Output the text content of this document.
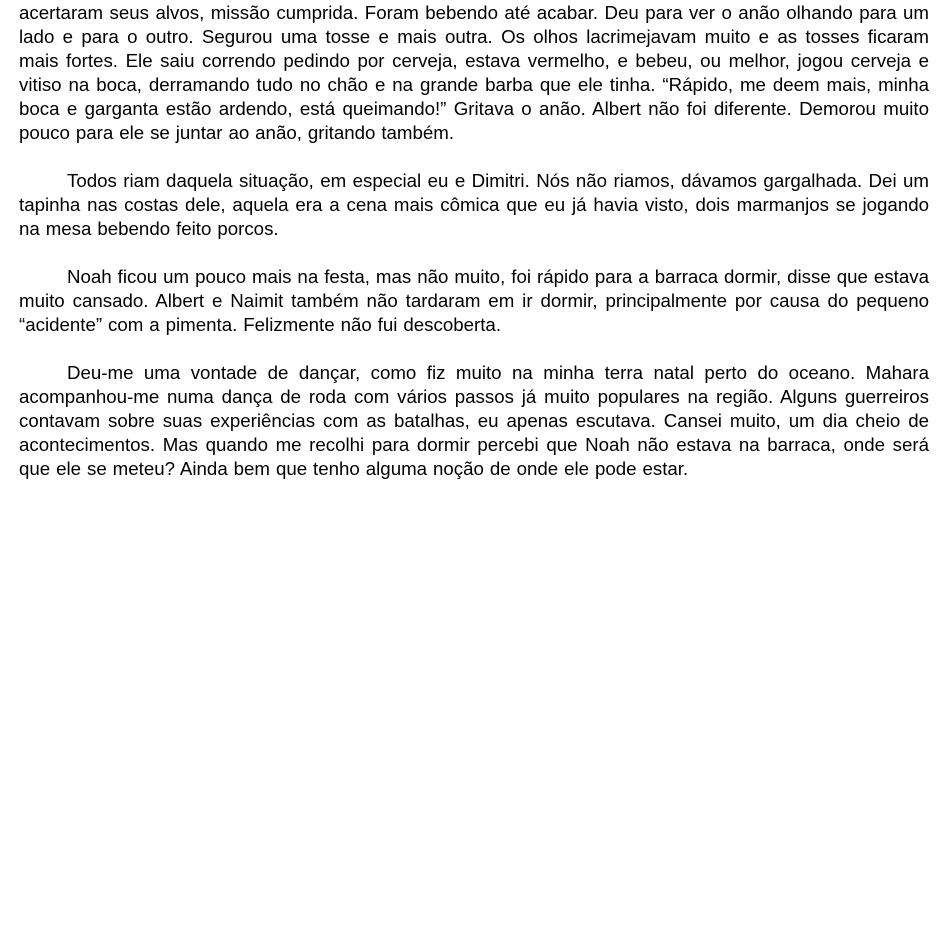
acertaram seus alvos, missão cumprida. Foram bebendo até acabar. Deu para ver o anão olhando para um lado e para o outro. Segurou uma tosse e mais outra. Os olhos lacrimejavam muito e as tosses ficaram mais fortes. Ele saiu correndo pedindo por cerveja, estava vermelho, e bebeu, ou melhor, jogou cerveja e vitiso na boca, derramando tudo no chão e na grande barba que ele tinha. “Rápido, me deem mais, minha boca e garganta estão ardendo, está queimando!” Gritava o anão. Albert não foi diferente. Demorou muito pouco para ele se juntar ao anão, gritando também.

Todos riam daquela situação, em especial eu e Dimitri. Nós não riamos, dávamos gargalhada. Dei um tapinha nas costas dele, aquela era a cena mais cômica que eu já havia visto, dois marmanjos se jogando na mesa bebendo feito porcos.

Noah ficou um pouco mais na festa, mas não muito, foi rápido para a barraca dormir, disse que estava muito cansado. Albert e Naimit também não tardaram em ir dormir, principalmente por causa do pequeno “acidente” com a pimenta. Felizmente não fui descoberta.

Deu-me uma vontade de dançar, como fiz muito na minha terra natal perto do oceano. Mahara acompanhou-me numa dança de roda com vários passos já muito populares na região. Alguns guerreiros contavam sobre suas experiências com as batalhas, eu apenas escutava. Cansei muito, um dia cheio de acontecimentos. Mas quando me recolhi para dormir percebi que Noah não estava na barraca, onde será que ele se meteu? Ainda bem que tenho alguma noção de onde ele pode estar.
